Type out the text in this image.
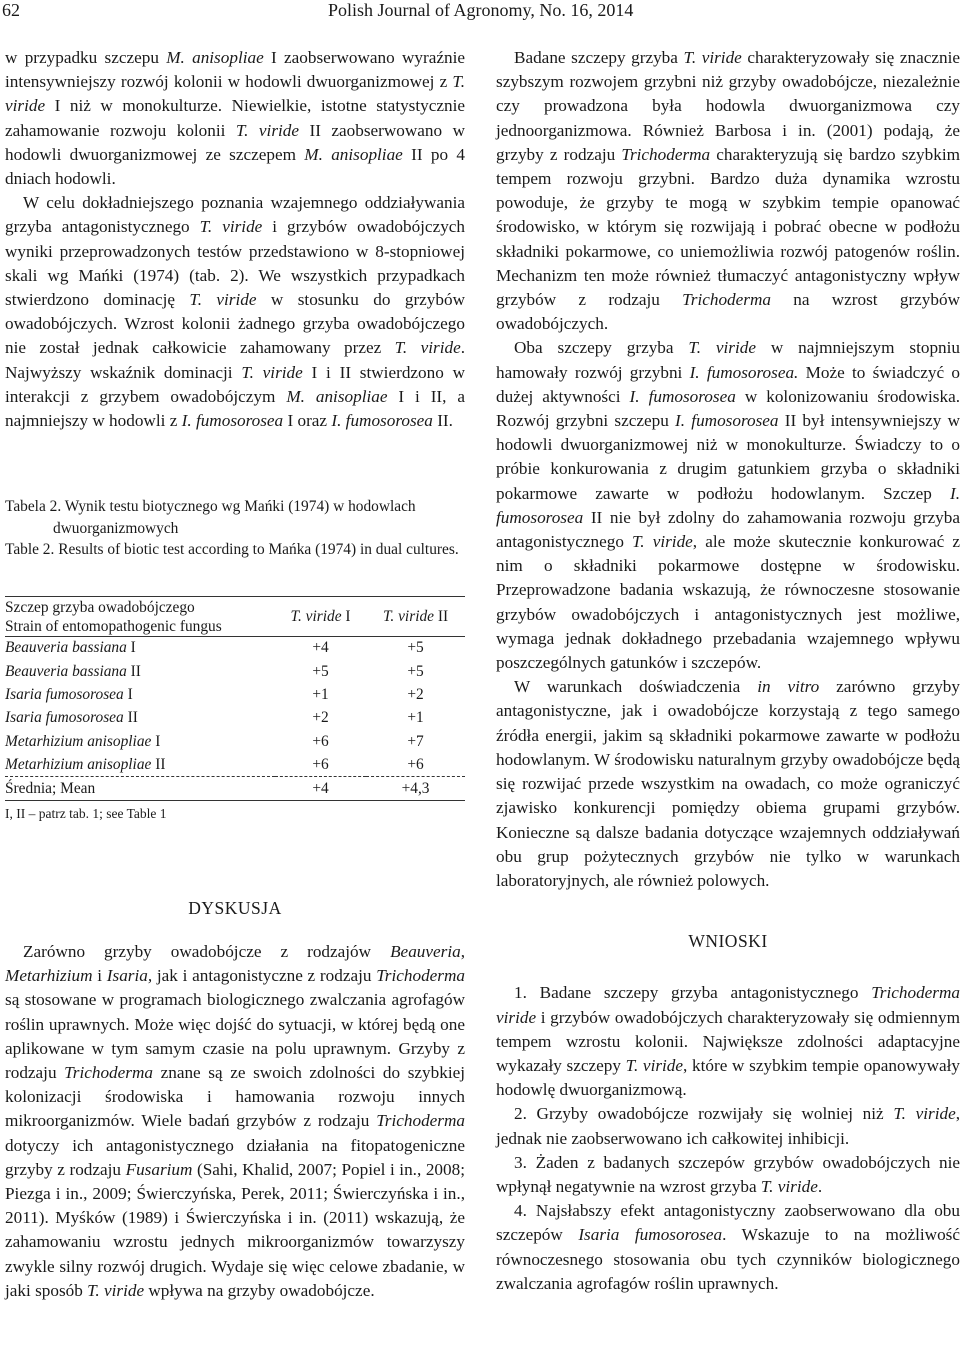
62	Polish Journal of Agronomy, No. 16, 2014

w przypadku szczepu M. anisopliae I zaobserwowano wyraźnie intensywniejszy rozwój kolonii w hodowli dwuorganizmowej z T. viride I niż w monokulturze. Niewielkie, istotne statystycznie zahamowanie rozwoju kolonii T. viride II zaobserwowano w hodowli dwuorganizmowej ze szczepem M. anisopliae II po 4 dniach hodowli.

W celu dokładniejszego poznania wzajemnego oddziaływania grzyba antagonistycznego T. viride i grzybów owadobójczych wyniki przeprowadzonych testów przedstawiono w 8-stopniowej skali wg Mańki (1974) (tab. 2). We wszystkich przypadkach stwierdzono dominację T. viride w stosunku do grzybów owadobójczych. Wzrost kolonii żadnego grzyba owadobójczego nie został jednak całkowicie zahamowany przez T. viride. Najwyższy wskaźnik dominacji T. viride I i II stwierdzono w interakcji z grzybem owadobójczym M. anisopliae I i II, a najmniejszy w hodowli z I. fumosorosea I oraz I. fumosorosea II.

Tabela 2. Wynik testu biotycznego wg Mańki (1974) w hodowlach dwuorganizmowych

Table 2. Results of biotic test according to Mańka (1974) in dual cultures.

Szczep grzyba owadobójczego
Strain of entomopathogenic fungus	T. viride I	T. viride II
Beauveria bassiana I	+4	+5
Beauveria bassiana II	+5	+5
Isaria fumosorosea I	+1	+2
Isaria fumosorosea II	+2	+1
Metarhizium anisopliae I	+6	+7
Metarhizium anisopliae II	+6	+6
Średnia; Mean	+4	+4,3
I, II – patrz tab. 1; see Table 1
DYSKUSJA

Zarówno grzyby owadobójcze z rodzajów Beauveria, Metarhizium i Isaria, jak i antagonistyczne z rodzaju Trichoderma są stosowane w programach biologicznego zwalczania agrofagów roślin uprawnych. Może więc dojść do sytuacji, w której będą one aplikowane w tym samym czasie na polu uprawnym. Grzyby z rodzaju Trichoderma znane są ze swoich zdolności do szybkiej kolonizacji środowiska i hamowania rozwoju innych mikroorganizmów. Wiele badań grzybów z rodzaju Trichoderma dotyczy ich antagonistycznego działania na fitopatogeniczne grzyby z rodzaju Fusarium (Sahi, Khalid, 2007; Popiel i in., 2008; Piezga i in., 2009; Świerczyńska, Perek, 2011; Świerczyńska i in., 2011). Myśków (1989) i Świerczyńska i in. (2011) wskazują, że zahamowaniu wzrostu jednych mikroorganizmów towarzyszy zwykle silny rozwój drugich. Wydaje się więc celowe zbadanie, w jaki sposób T. viride wpływa na grzyby owadobójcze.

Badane szczepy grzyba T. viride charakteryzowały się znacznie szybszym rozwojem grzybni niż grzyby owadobójcze, niezależnie czy prowadzona była hodowla dwuorganizmowa czy jednoorganizmowa. Również Barbosa i in. (2001) podają, że grzyby z rodzaju Trichoderma charakteryzują się bardzo szybkim tempem rozwoju grzybni. Bardzo duża dynamika wzrostu powoduje, że grzyby te mogą w szybkim tempie opanować środowisko, w którym się rozwijają i pobrać obecne w podłożu składniki pokarmowe, co uniemożliwia rozwój patogenów roślin. Mechanizm ten może również tłumaczyć antagonistyczny wpływ grzybów z rodzaju Trichoderma na wzrost grzybów owadobójczych.

Oba szczepy grzyba T. viride w najmniejszym stopniu hamowały rozwój grzybni I. fumosorosea. Może to świadczyć o dużej aktywności I. fumosorosea w kolonizowaniu środowiska. Rozwój grzybni szczepu I. fumosorosea II był intensywniejszy w hodowli dwuorganizmowej niż w monokulturze. Świadczy to o próbie konkurowania z drugim gatunkiem grzyba o składniki pokarmowe zawarte w podłożu hodowlanym. Szczep I. fumosorosea II nie był zdolny do zahamowania rozwoju grzyba antagonistycznego T. viride, ale może skutecznie konkurować z nim o składniki pokarmowe dostępne w środowisku. Przeprowadzone badania wskazują, że równoczesne stosowanie grzybów owadobójczych i antagonistycznych jest możliwe, wymaga jednak dokładnego przebadania wzajemnego wpływu poszczególnych gatunków i szczepów.

W warunkach doświadczenia in vitro zarówno grzyby antagonistyczne, jak i owadobójcze korzystają z tego samego źródła energii, jakim są składniki pokarmowe zawarte w podłożu hodowlanym. W środowisku naturalnym grzyby owadobójcze będą się rozwijać przede wszystkim na owadach, co może ograniczyć zjawisko konkurencji pomiędzy obiema grupami grzybów. Konieczne są dalsze badania dotyczące wzajemnych oddziaływań obu grup pożytecznych grzybów nie tylko w warunkach laboratoryjnych, ale również polowych.

WNIOSKI

1. Badane szczepy grzyba antagonistycznego Trichoderma viride i grzybów owadobójczych charakteryzowały się odmiennym tempem wzrostu kolonii. Największe zdolności adaptacyjne wykazały szczepy T. viride, które w szybkim tempie opanowywały hodowlę dwuorganizmową.

2. Grzyby owadobójcze rozwijały się wolniej niż T. viride, jednak nie zaobserwowano ich całkowitej inhibicji.

3. Żaden z badanych szczepów grzybów owadobójczych nie wpłynął negatywnie na wzrost grzyba T. viride.

4. Najsłabszy efekt antagonistyczny zaobserwowano dla obu szczepów Isaria fumosorosea. Wskazuje to na możliwość równoczesnego stosowania obu tych czynników biologicznego zwalczania agrofagów roślin uprawnych.
